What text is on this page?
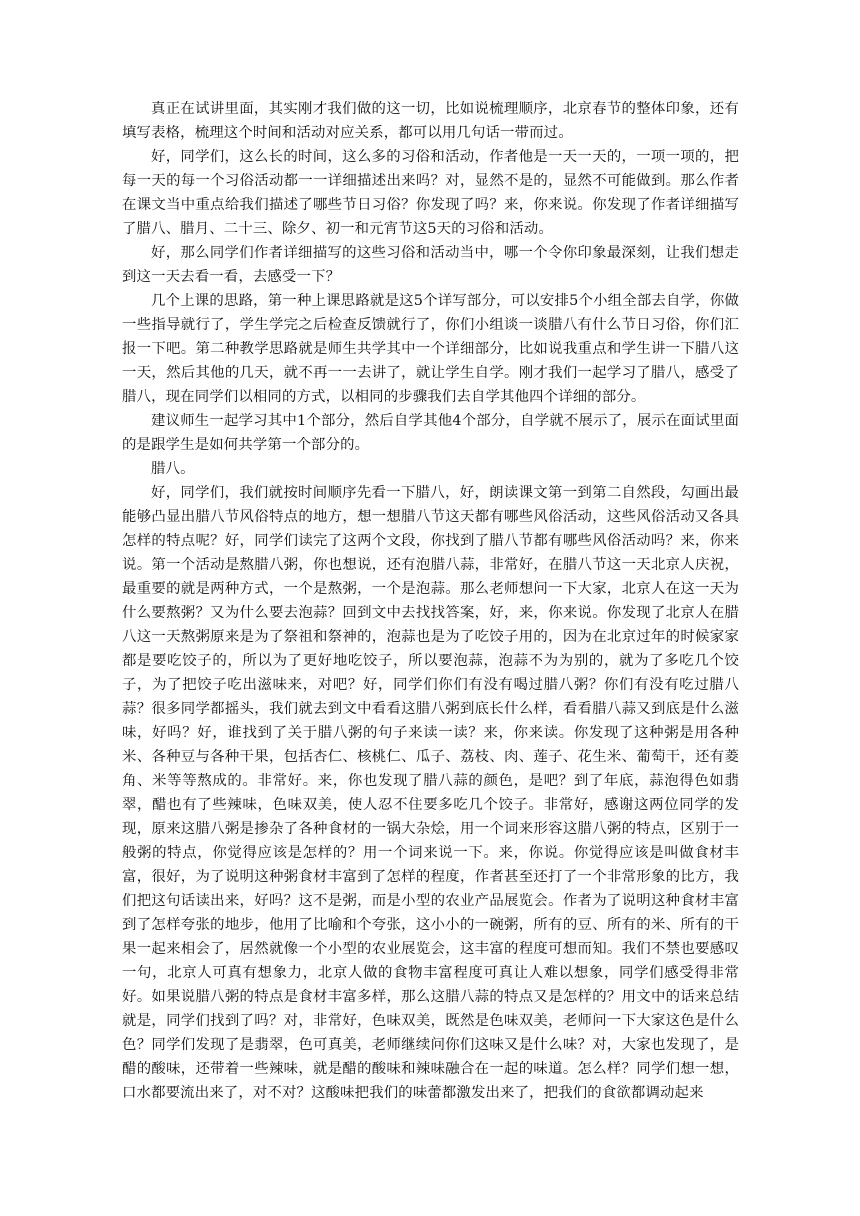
真正在试讲里面，其实刚才我们做的这一切，比如说梳理顺序，北京春节的整体印象，还有填写表格，梳理这个时间和活动对应关系，都可以用几句话一带而过。

好，同学们，这么长的时间，这么多的习俗和活动，作者他是一天一天的，一项一项的，把每一天的每一个习俗活动都一一详细描述出来吗？对，显然不是的，显然不可能做到。那么作者在课文当中重点给我们描述了哪些节日习俗？你发现了吗？来，你来说。你发现了作者详细描写了腊八、腊月、二十三、除夕、初一和元宵节这5天的习俗和活动。

好，那么同学们作者详细描写的这些习俗和活动当中，哪一个令你印象最深刻，让我们想走到这一天去看一看，去感受一下？

几个上课的思路，第一种上课思路就是这5个详写部分，可以安排5个小组全部去自学，你做一些指导就行了，学生学完之后检查反馈就行了，你们小组谈一谈腊八有什么节日习俗，你们汇报一下吧。第二种教学思路就是师生共学其中一个详细部分，比如说我重点和学生讲一下腊八这一天，然后其他的几天，就不再一一去讲了，就让学生自学。刚才我们一起学习了腊八，感受了腊八，现在同学们以相同的方式，以相同的步骤我们去自学其他四个详细的部分。

建议师生一起学习其中1个部分，然后自学其他4个部分，自学就不展示了，展示在面试里面的是跟学生是如何共学第一个部分的。

腊八。

好，同学们，我们就按时间顺序先看一下腊八，好，朗读课文第一到第二自然段，勾画出最能够凸显出腊八节风俗特点的地方，想一想腊八节这天都有哪些风俗活动，这些风俗活动又各具怎样的特点呢？好，同学们读完了这两个文段，你找到了腊八节都有哪些风俗活动吗？来，你来说。第一个活动是熬腊八粥，你也想说，还有泡腊八蒜，非常好，在腊八节这一天北京人庆祝，最重要的就是两种方式，一个是熬粥，一个是泡蒜。那么老师想问一下大家，北京人在这一天为什么要熬粥？又为什么要去泡蒜？回到文中去找找答案，好，来，你来说。你发现了北京人在腊八这一天熬粥原来是为了祭祖和祭神的，泡蒜也是为了吃饺子用的，因为在北京过年的时候家家都是要吃饺子的，所以为了更好地吃饺子，所以要泡蒜，泡蒜不为为别的，就为了多吃几个饺子，为了把饺子吃出滋味来，对吧？好，同学们你们有没有喝过腊八粥？你们有没有吃过腊八蒜？很多同学都摇头，我们就去到文中看看这腊八粥到底长什么样，看看腊八蒜又到底是什么滋味，好吗？好，谁找到了关于腊八粥的句子来读一读？来，你来读。你发现了这种粥是用各种米、各种豆与各种干果，包括杏仁、核桃仁、瓜子、荔枝、肉、莲子、花生米、葡萄干，还有菱角、米等等熬成的。非常好。来，你也发现了腊八蒜的颜色，是吧？到了年底，蒜泡得色如翡翠，醋也有了些辣味，色味双美，使人忍不住要多吃几个饺子。非常好，感谢这两位同学的发现，原来这腊八粥是掺杂了各种食材的一锅大杂烩，用一个词来形容这腊八粥的特点，区别于一般粥的特点，你觉得应该是怎样的？用一个词来说一下。来，你说。你觉得应该是叫做食材丰富，很好，为了说明这种粥食材丰富到了怎样的程度，作者甚至还打了一个非常形象的比方，我们把这句话读出来，好吗？这不是粥，而是小型的农业产品展览会。作者为了说明这种食材丰富到了怎样夸张的地步，他用了比喻和个夸张，这小小的一碗粥，所有的豆、所有的米、所有的干果一起来相会了，居然就像一个小型的农业展览会，这丰富的程度可想而知。我们不禁也要感叹一句，北京人可真有想象力，北京人做的食物丰富程度可真让人难以想象，同学们感受得非常好。如果说腊八粥的特点是食材丰富多样，那么这腊八蒜的特点又是怎样的？用文中的话来总结就是，同学们找到了吗？对，非常好，色味双美，既然是色味双美，老师问一下大家这色是什么色？同学们发现了是翡翠，色可真美，老师继续问你们这味又是什么味？对，大家也发现了，是醋的酸味，还带着一些辣味，就是醋的酸味和辣味融合在一起的味道。怎么样？同学们想一想，口水都要流出来了，对不对？这酸味把我们的味蕾都激发出来了，把我们的食欲都调动起来
